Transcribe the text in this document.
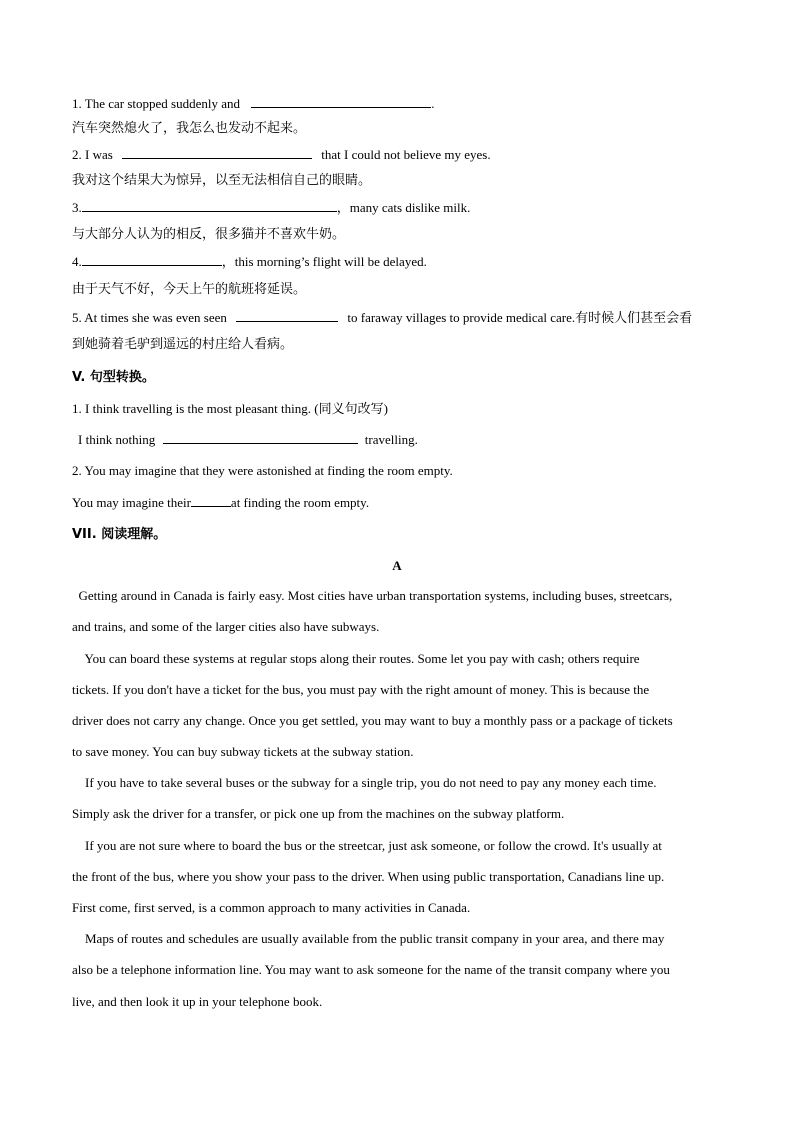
1. The car stopped suddenly and	.
汽车突然熄火了，我怎么也发动不起来。
2. I was	that I could not believe my eyes.
我对这个结果大为惊异，以至无法相信自己的眼睛。
3.	，many cats dislike milk.
与大部分人认为的相反，很多猫并不喜欢牛奶。
4.	，this morning’s flight will be delayed.
由于天气不好，今天上午的航班将延误。
5. At times she was even seen	to faraway villages to provide medical care.有时候人们甚至会看
到她骑着毛驴到遥远的村庄给人看病。
V. 句型转换。
1. I think travelling is the most pleasant thing. (同义句改写)
I think nothing	travelling.
2. You may imagine that they were astonished at finding the room empty.
You may imagine their	at finding the room empty.
VII. 阅读理解。
A
Getting around in Canada is fairly easy. Most cities have urban transportation systems, including buses, streetcars,
and trains, and some of the larger cities also have subways.
You can board these systems at regular stops along their routes. Some let you pay with cash; others require
tickets. If you don't have a ticket for the bus, you must pay with the right amount of money. This is because the
driver does not carry any change. Once you get settled, you may want to buy a monthly pass or a package of tickets
to save money. You can buy subway tickets at the subway station.
If you have to take several buses or the subway for a single trip, you do not need to pay any money each time.
Simply ask the driver for a transfer, or pick one up from the machines on the subway platform.
If you are not sure where to board the bus or the streetcar, just ask someone, or follow the crowd. It's usually at
the front of the bus, where you show your pass to the driver. When using public transportation, Canadians line up.
First come, first served, is a common approach to many activities in Canada.
Maps of routes and schedules are usually available from the public transit company in your area, and there may
also be a telephone information line. You may want to ask someone for the name of the transit company where you
live, and then look it up in your telephone book.
